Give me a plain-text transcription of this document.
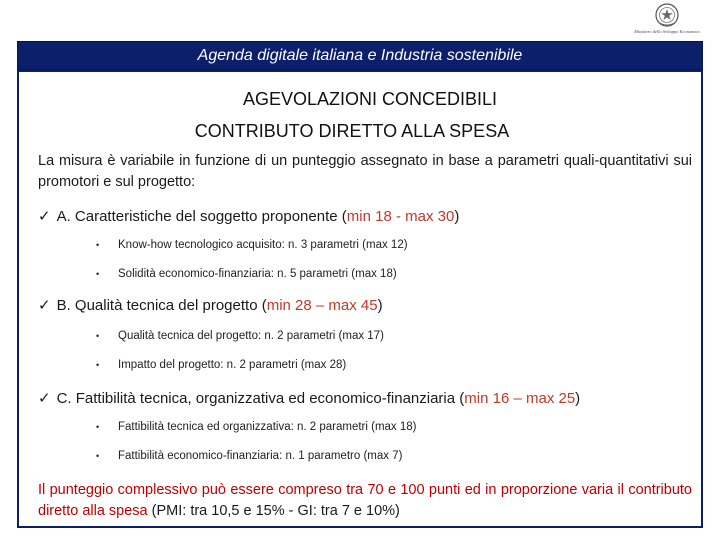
Ministero dello Sviluppo Economico
Agenda digitale italiana e Industria sostenibile
AGEVOLAZIONI CONCEDIBILI
CONTRIBUTO DIRETTO ALLA SPESA
La misura è variabile in funzione di un punteggio assegnato in base a parametri quali-quantitativi sui promotori e sul progetto:
✓ A. Caratteristiche del soggetto proponente (min 18 - max 30)
• Know-how tecnologico acquisito: n. 3 parametri (max 12)
• Solidità economico-finanziaria: n. 5 parametri (max 18)
✓ B. Qualità tecnica del progetto (min 28 – max 45)
• Qualità tecnica del progetto: n. 2 parametri (max 17)
• Impatto del progetto: n. 2 parametri (max 28)
✓ C. Fattibilità tecnica, organizzativa ed economico-finanziaria (min 16 – max 25)
• Fattibilità tecnica ed organizzativa: n. 2 parametri (max 18)
• Fattibilità economico-finanziaria: n. 1 parametro (max 7)
Il punteggio complessivo può essere compreso tra 70 e 100 punti ed in proporzione varia il contributo diretto alla spesa (PMI: tra 10,5 e 15% - GI: tra 7 e 10%)
